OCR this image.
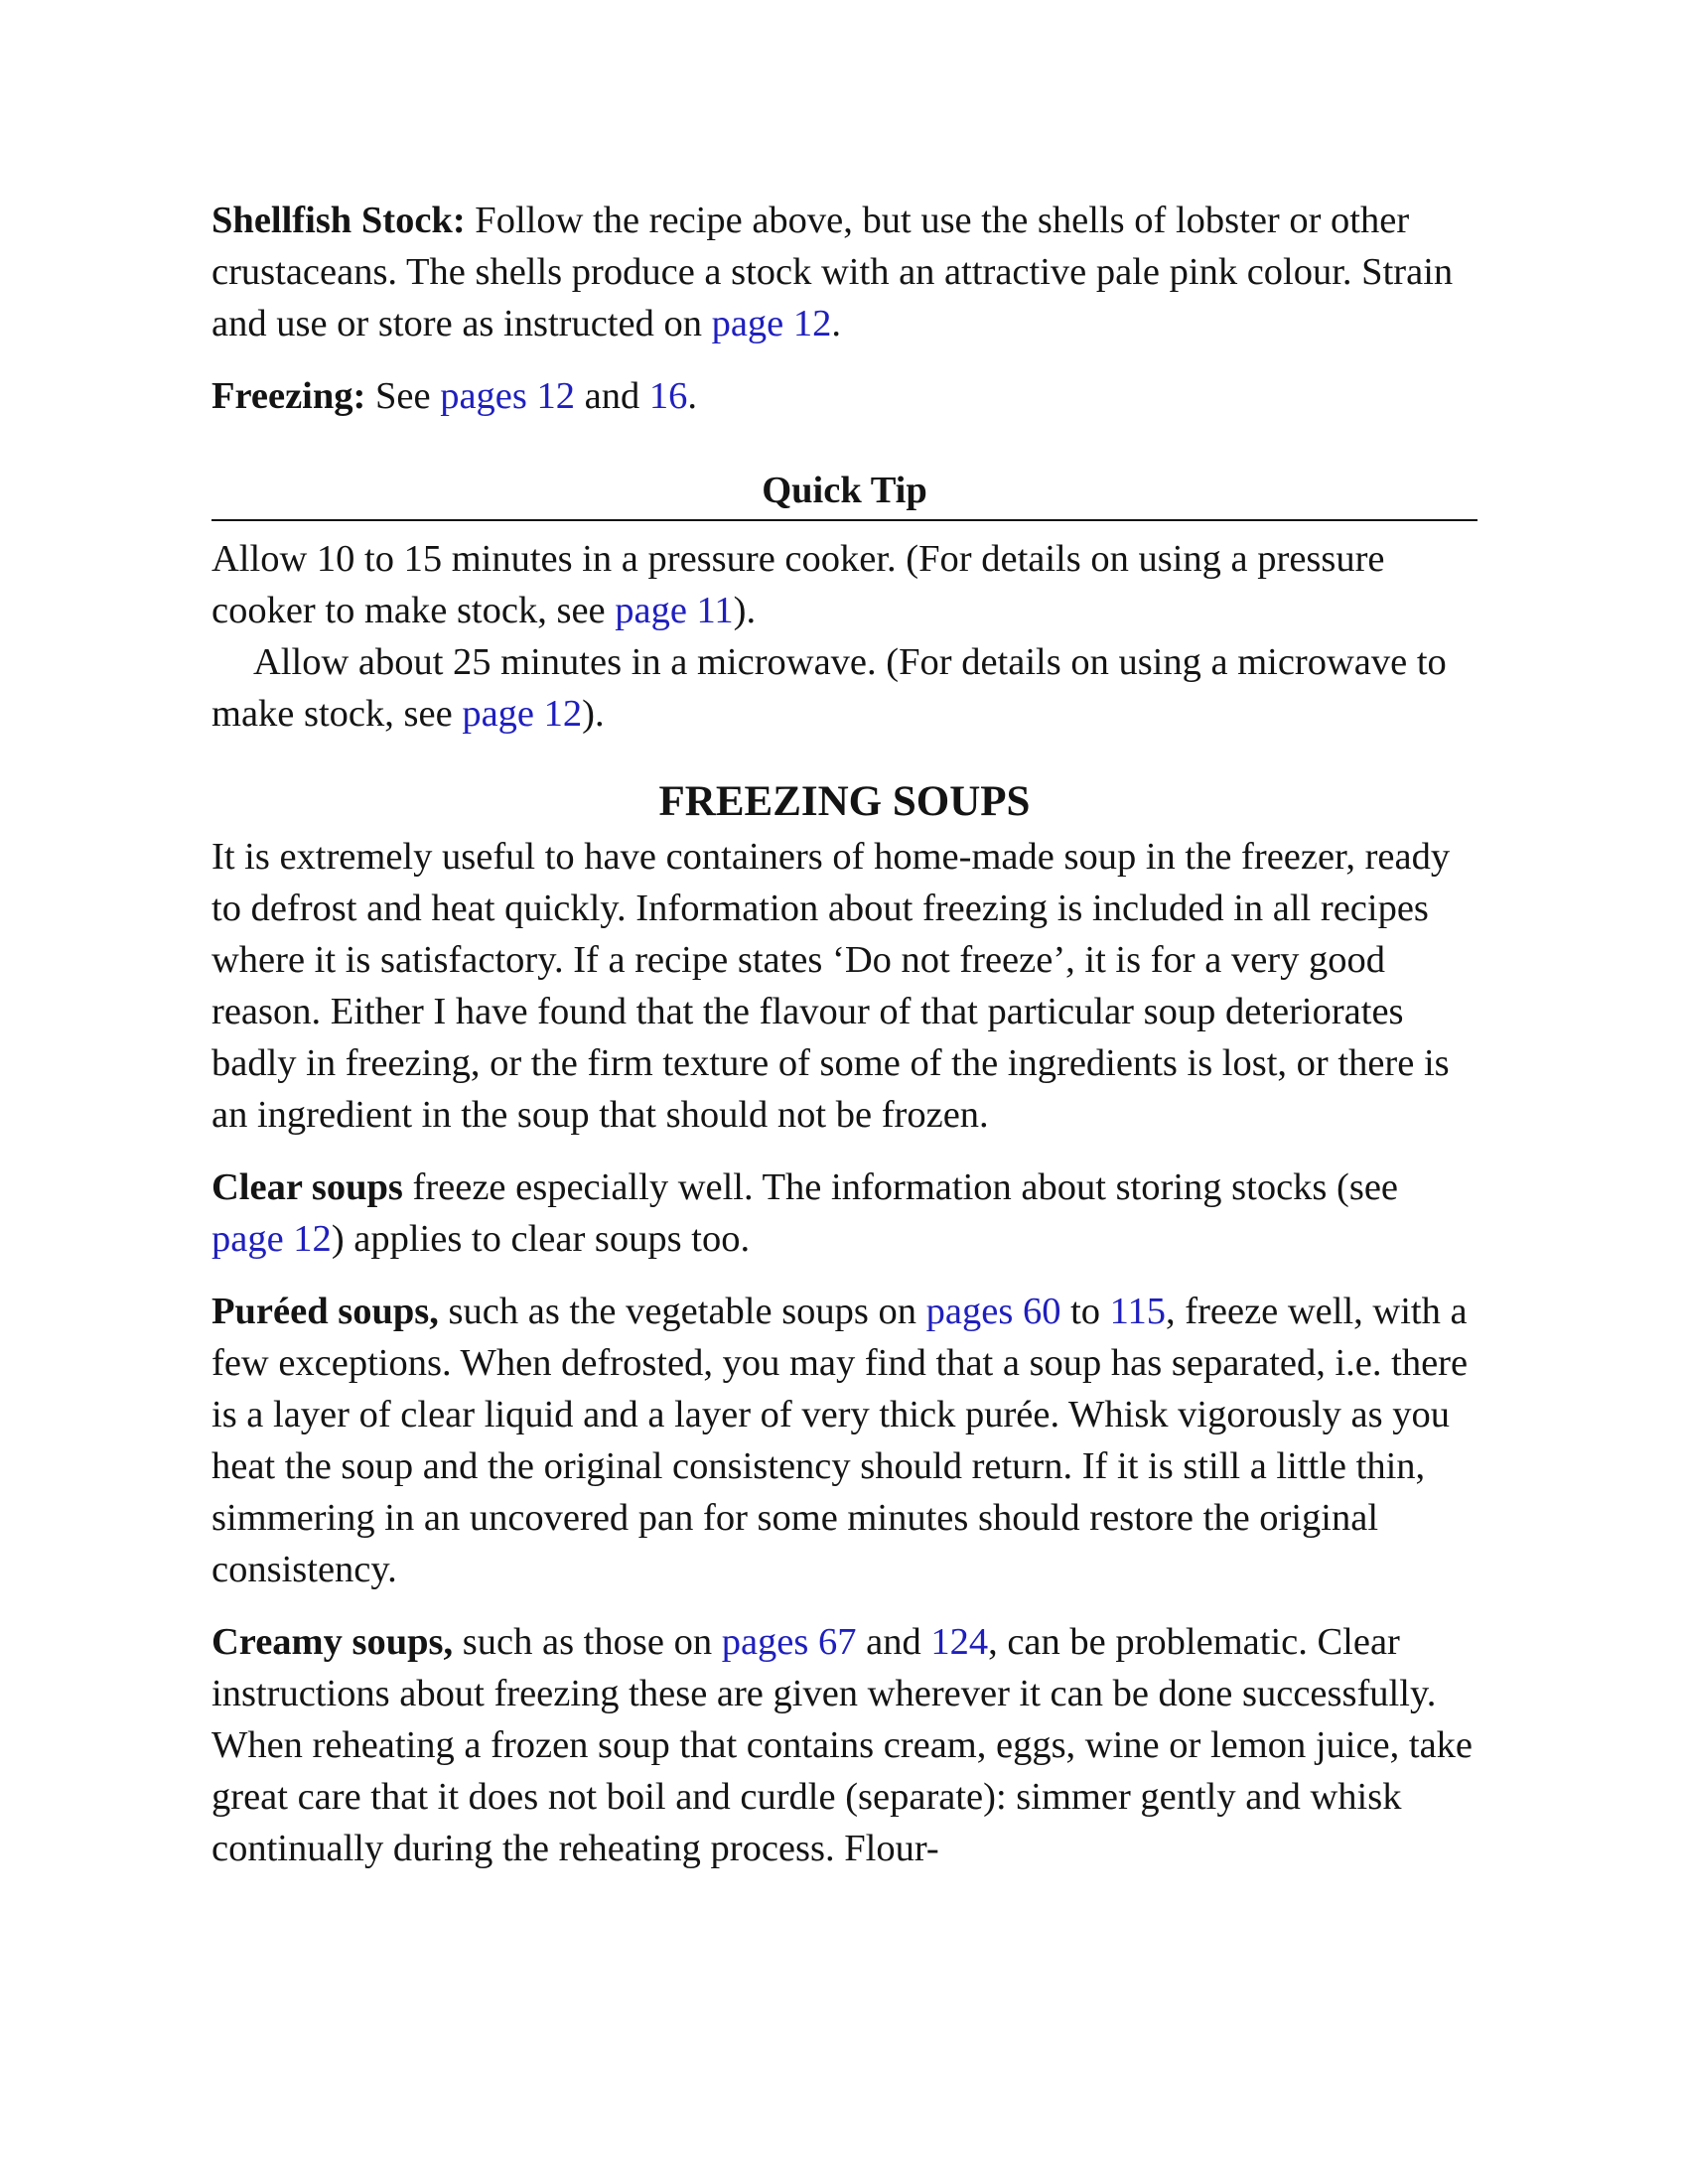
Shellfish Stock: Follow the recipe above, but use the shells of lobster or other crustaceans. The shells produce a stock with an attractive pale pink colour. Strain and use or store as instructed on page 12.

Freezing: See pages 12 and 16.

Quick Tip

Allow 10 to 15 minutes in a pressure cooker. (For details on using a pressure cooker to make stock, see page 11).

Allow about 25 minutes in a microwave. (For details on using a microwave to make stock, see page 12).

FREEZING SOUPS

It is extremely useful to have containers of home-made soup in the freezer, ready to defrost and heat quickly. Information about freezing is included in all recipes where it is satisfactory. If a recipe states ‘Do not freeze’, it is for a very good reason. Either I have found that the flavour of that particular soup deteriorates badly in freezing, or the firm texture of some of the ingredients is lost, or there is an ingredient in the soup that should not be frozen.

Clear soups freeze especially well. The information about storing stocks (see page 12) applies to clear soups too.

Puréed soups, such as the vegetable soups on pages 60 to 115, freeze well, with a few exceptions. When defrosted, you may find that a soup has separated, i.e. there is a layer of clear liquid and a layer of very thick purée. Whisk vigorously as you heat the soup and the original consistency should return. If it is still a little thin, simmering in an uncovered pan for some minutes should restore the original consistency.

Creamy soups, such as those on pages 67 and 124, can be problematic. Clear instructions about freezing these are given wherever it can be done successfully. When reheating a frozen soup that contains cream, eggs, wine or lemon juice, take great care that it does not boil and curdle (separate): simmer gently and whisk continually during the reheating process. Flour-
